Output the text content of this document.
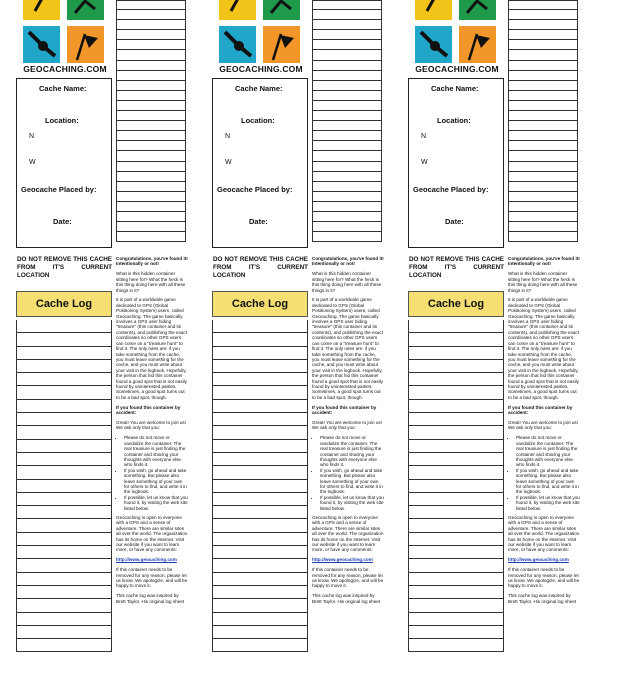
GEOCACHING.COM
Cache Name:
Location:
N
W
Geocache Placed by:
Date:
DO NOT REMOVE THIS CACHE FROM IT'S CURRENT LOCATION
Cache Log

Congratulations, you've found it! Intentionally or not!

What is this hidden container sitting here for? What the heck is this thing doing here with all these things in it?

It is part of a worldwide game dedicated to GPS (Global Positioning System) users, called Geocaching. The game basically involves a GPS user hiding "treasure" (this container and its contents), and publishing the exact coordinates so other GPS users can come on a "treasure hunt" to find it. The only rules are: if you take something from the cache, you must leave something for the cache, and you must write about your visit in the logbook. Hopefully, the person that hid this container found a good spot that is not easily found by uninterested parties. Sometimes, a good spot turns out to be a bad spot, though.

If you found this container by accident:

Great! You are welcome to join us! We ask only that you:

• Please do not move or vandalize the container. The real treasure is just finding the container and sharing your thoughts with everyone else who finds it.
• If you wish, go ahead and take something. But please also leave something of your own for others to find, and write it in the logbook.
• If possible, let us know that you found it, by visiting the web site listed below.

Geocaching is open to everyone with a GPS and a sense of adventure. There are similar sites all over the world. The organization has its home on the Internet. Visit our website if you want to learn more, or have any comments:

http://www.geocaching.com

If this container needs to be removed for any reason, please let us know. We apologize, and will be happy to move it.

This cache log was inspired by Brett Taylor. His original log sheet

GEOCACHING.COM
Cache Name:
Location:
N
W
Geocache Placed by:
Date:
DO NOT REMOVE THIS CACHE FROM IT'S CURRENT LOCATION
Cache Log

Congratulations, you've found it! Intentionally or not!

What is this hidden container sitting here for? What the heck is this thing doing here with all these things in it?

It is part of a worldwide game dedicated to GPS (Global Positioning System) users, called Geocaching. The game basically involves a GPS user hiding "treasure" (this container and its contents), and publishing the exact coordinates so other GPS users can come on a "treasure hunt" to find it. The only rules are: if you take something from the cache, you must leave something for the cache, and you must write about your visit in the logbook. Hopefully, the person that hid this container found a good spot that is not easily found by uninterested parties. Sometimes, a good spot turns out to be a bad spot, though.

If you found this container by accident:

Great! You are welcome to join us! We ask only that you:

• Please do not move or vandalize the container. The real treasure is just finding the container and sharing your thoughts with everyone else who finds it.
• If you wish, go ahead and take something. But please also leave something of your own for others to find, and write it in the logbook.
• If possible, let us know that you found it, by visiting the web site listed below.

Geocaching is open to everyone with a GPS and a sense of adventure. There are similar sites all over the world. The organization has its home on the Internet. Visit our website if you want to learn more, or have any comments:

http://www.geocaching.com

If this container needs to be removed for any reason, please let us know. We apologize, and will be happy to move it.

This cache log was inspired by Brett Taylor. His original log sheet

GEOCACHING.COM
Cache Name:
Location:
N
W
Geocache Placed by:
Date:
DO NOT REMOVE THIS CACHE FROM IT'S CURRENT LOCATION
Cache Log

Congratulations, you've found it! Intentionally or not!

What is this hidden container sitting here for? What the heck is this thing doing here with all these things in it?

It is part of a worldwide game dedicated to GPS (Global Positioning System) users, called Geocaching. The game basically involves a GPS user hiding "treasure" (this container and its contents), and publishing the exact coordinates so other GPS users can come on a "treasure hunt" to find it. The only rules are: if you take something from the cache, you must leave something for the cache, and you must write about your visit in the logbook. Hopefully, the person that hid this container found a good spot that is not easily found by uninterested parties. Sometimes, a good spot turns out to be a bad spot, though.

If you found this container by accident:

Great! You are welcome to join us! We ask only that you:

• Please do not move or vandalize the container. The real treasure is just finding the container and sharing your thoughts with everyone else who finds it.
• If you wish, go ahead and take something. But please also leave something of your own for others to find, and write it in the logbook.
• If possible, let us know that you found it, by visiting the web site listed below.

Geocaching is open to everyone with a GPS and a sense of adventure. There are similar sites all over the world. The organization has its home on the Internet. Visit our website if you want to learn more, or have any comments:

http://www.geocaching.com

If this container needs to be removed for any reason, please let us know. We apologize, and will be happy to move it.

This cache log was inspired by Brett Taylor. His original log sheet
